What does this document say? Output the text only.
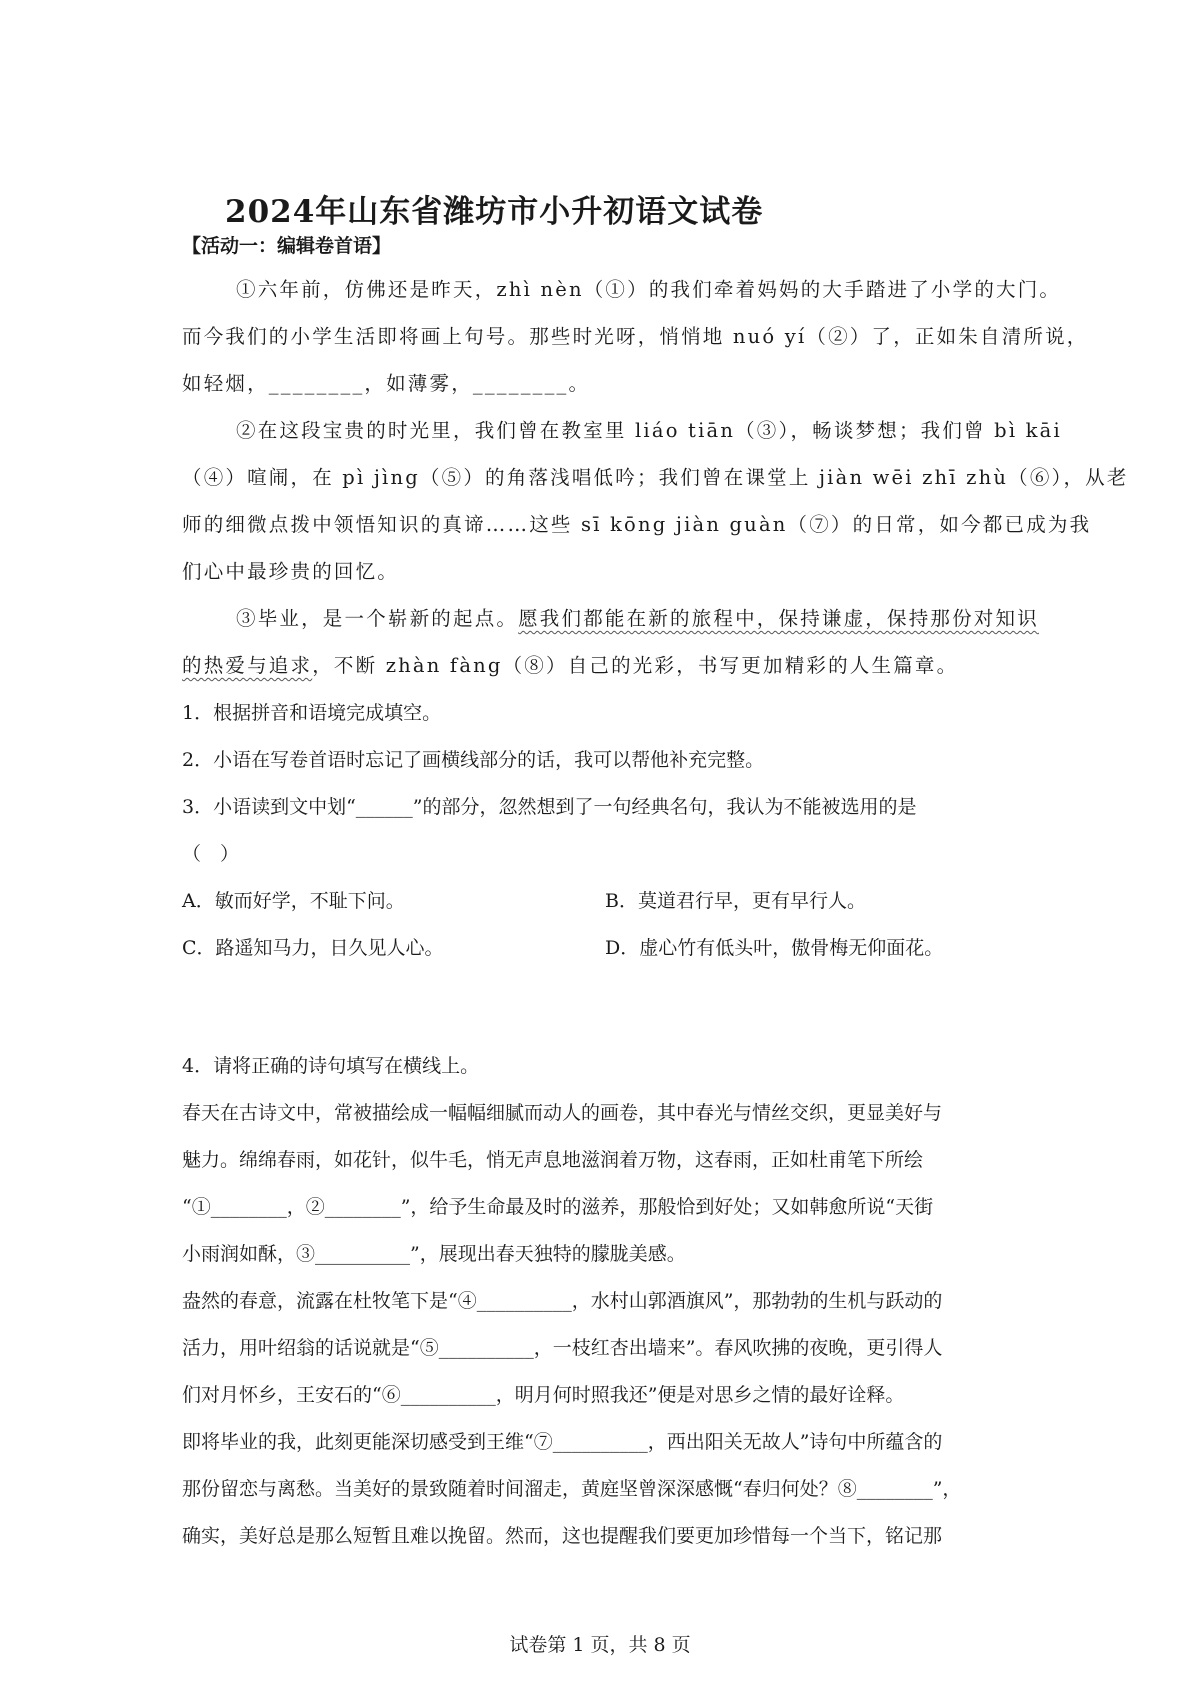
2024年山东省潍坊市小升初语文试卷
【活动一：编辑卷首语】
①六年前，仿佛还是昨天，zhì nèn（①）的我们牵着妈妈的大手踏进了小学的大门。
而今我们的小学生活即将画上句号。那些时光呀，悄悄地 nuó yí（②）了，正如朱自清所说，
如轻烟，________，如薄雾，________。
②在这段宝贵的时光里，我们曾在教室里 liáo tiān（③），畅谈梦想；我们曾 bì kāi
（④）喧闹，在 pì jìng（⑤）的角落浅唱低吟；我们曾在课堂上 jiàn wēi zhī zhù（⑥），从老
师的细微点拨中领悟知识的真谛……这些 sī kōng jiàn guàn（⑦）的日常，如今都已成为我
们心中最珍贵的回忆。
③毕业，是一个崭新的起点。愿我们都能在新的旅程中，保持谦虚，保持那份对知识
的热爱与追求，不断 zhàn fàng（⑧）自己的光彩，书写更加精彩的人生篇章。
1．根据拼音和语境完成填空。
2．小语在写卷首语时忘记了画横线部分的话，我可以帮他补充完整。
3．小语读到文中划“______”的部分，忽然想到了一句经典名句，我认为不能被选用的是
（　）
A．敏而好学，不耻下问。	B．莫道君行早，更有早行人。
C．路遥知马力，日久见人心。	D．虚心竹有低头叶，傲骨梅无仰面花。
4．请将正确的诗句填写在横线上。
春天在古诗文中，常被描绘成一幅幅细腻而动人的画卷，其中春光与情丝交织，更显美好与
魅力。绵绵春雨，如花针，似牛毛，悄无声息地滋润着万物，这春雨，正如杜甫笔下所绘
“①________，②________”，给予生命最及时的滋养，那般恰到好处；又如韩愈所说“天街
小雨润如酥，③__________”，展现出春天独特的朦胧美感。
盎然的春意，流露在杜牧笔下是“④__________，水村山郭酒旗风”，那勃勃的生机与跃动的
活力，用叶绍翁的话说就是“⑤__________，一枝红杏出墙来”。春风吹拂的夜晚，更引得人
们对月怀乡，王安石的“⑥__________，明月何时照我还”便是对思乡之情的最好诠释。
即将毕业的我，此刻更能深切感受到王维“⑦__________，西出阳关无故人”诗句中所蕴含的
那份留恋与离愁。当美好的景致随着时间溜走，黄庭坚曾深深感慨“春归何处？⑧________”，
确实，美好总是那么短暂且难以挽留。然而，这也提醒我们要更加珍惜每一个当下，铭记那
试卷第 1 页，共 8 页
